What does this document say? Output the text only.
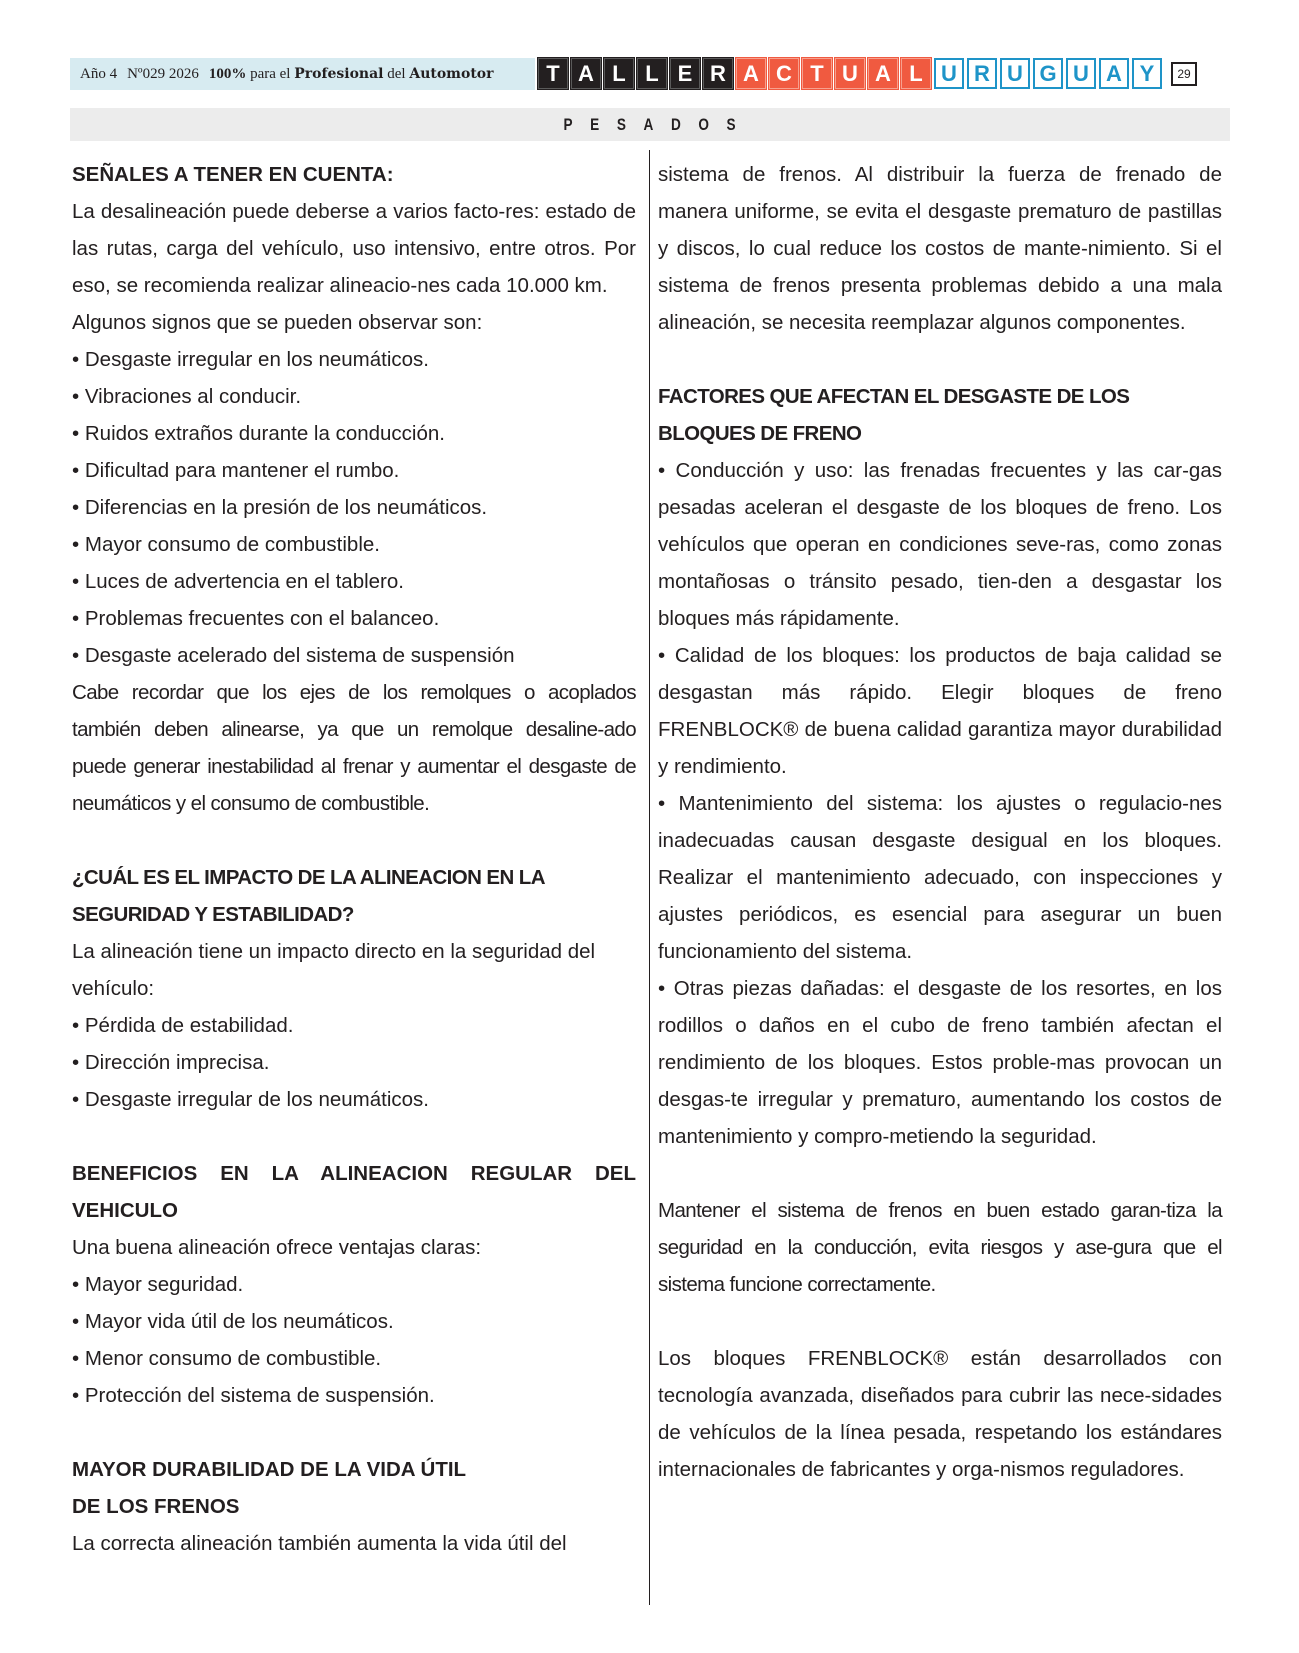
Año 4 Nº029 2026 100%
para el
Profesional
del
Automotor	T A L L E R A C T U A L U R U G U A Y	29
PESADOS
SEÑALES A TENER EN CUENTA:

La desalineación puede deberse a varios facto-res: estado de las rutas, carga del vehículo, uso intensivo, entre otros. Por eso, se recomienda realizar alineacio-nes cada 10.000 km.

Algunos signos que se pueden observar son:

• Desgaste irregular en los neumáticos.

• Vibraciones al conducir.

• Ruidos extraños durante la conducción.

• Dificultad para mantener el rumbo.

• Diferencias en la presión de los neumáticos.

• Mayor consumo de combustible.

• Luces de advertencia en el tablero.

• Problemas frecuentes con el balanceo.

• Desgaste acelerado del sistema de suspensión

Cabe recordar que los ejes de los remolques o acoplados también deben alinearse, ya que un remolque desaline-ado puede generar inestabilidad al frenar y aumentar el desgaste de neumáticos y el consumo de combustible.

¿CUÁL ES EL IMPACTO DE LA ALINEACION EN LA SEGURIDAD Y ESTABILIDAD?

La alineación tiene un impacto directo en la seguridad del vehículo:

• Pérdida de estabilidad.

• Dirección imprecisa.

• Desgaste irregular de los neumáticos.

BENEFICIOS EN LA ALINEACION REGULAR DEL VEHICULO

Una buena alineación ofrece ventajas claras:

• Mayor seguridad.

• Mayor vida útil de los neumáticos.

• Menor consumo de combustible.

• Protección del sistema de suspensión.

MAYOR DURABILIDAD DE LA VIDA ÚTIL
DE LOS FRENOS

La correcta alineación también aumenta la vida útil del

sistema de frenos. Al distribuir la fuerza de frenado de manera uniforme, se evita el desgaste prematuro de pastillas y discos, lo cual reduce los costos de mante-nimiento. Si el sistema de frenos presenta problemas debido a una mala alineación, se necesita reemplazar algunos componentes.

FACTORES QUE AFECTAN EL DESGASTE DE LOS BLOQUES DE FRENO

• Conducción y uso: las frenadas frecuentes y las car-gas pesadas aceleran el desgaste de los bloques de freno. Los vehículos que operan en condiciones seve-ras, como zonas montañosas o tránsito pesado, tien-den a desgastar los bloques más rápidamente.

• Calidad de los bloques: los productos de baja calidad se desgastan más rápido. Elegir bloques de freno FRENBLOCK® de buena calidad garantiza mayor durabilidad y rendimiento.

• Mantenimiento del sistema: los ajustes o regulacio-nes inadecuadas causan desgaste desigual en los bloques. Realizar el mantenimiento adecuado, con inspecciones y ajustes periódicos, es esencial para asegurar un buen funcionamiento del sistema.

• Otras piezas dañadas: el desgaste de los resortes, en los rodillos o daños en el cubo de freno también afectan el rendimiento de los bloques. Estos proble-mas provocan un desgas-te irregular y prematuro, aumentando los costos de mantenimiento y compro-metiendo la seguridad.

Mantener el sistema de frenos en buen estado garan-tiza la seguridad en la conducción, evita riesgos y ase-gura que el sistema funcione correctamente.

Los bloques FRENBLOCK® están desarrollados con tecnología avanzada, diseñados para cubrir las nece-sidades de vehículos de la línea pesada, respetando los estándares internacionales de fabricantes y orga-nismos reguladores.
